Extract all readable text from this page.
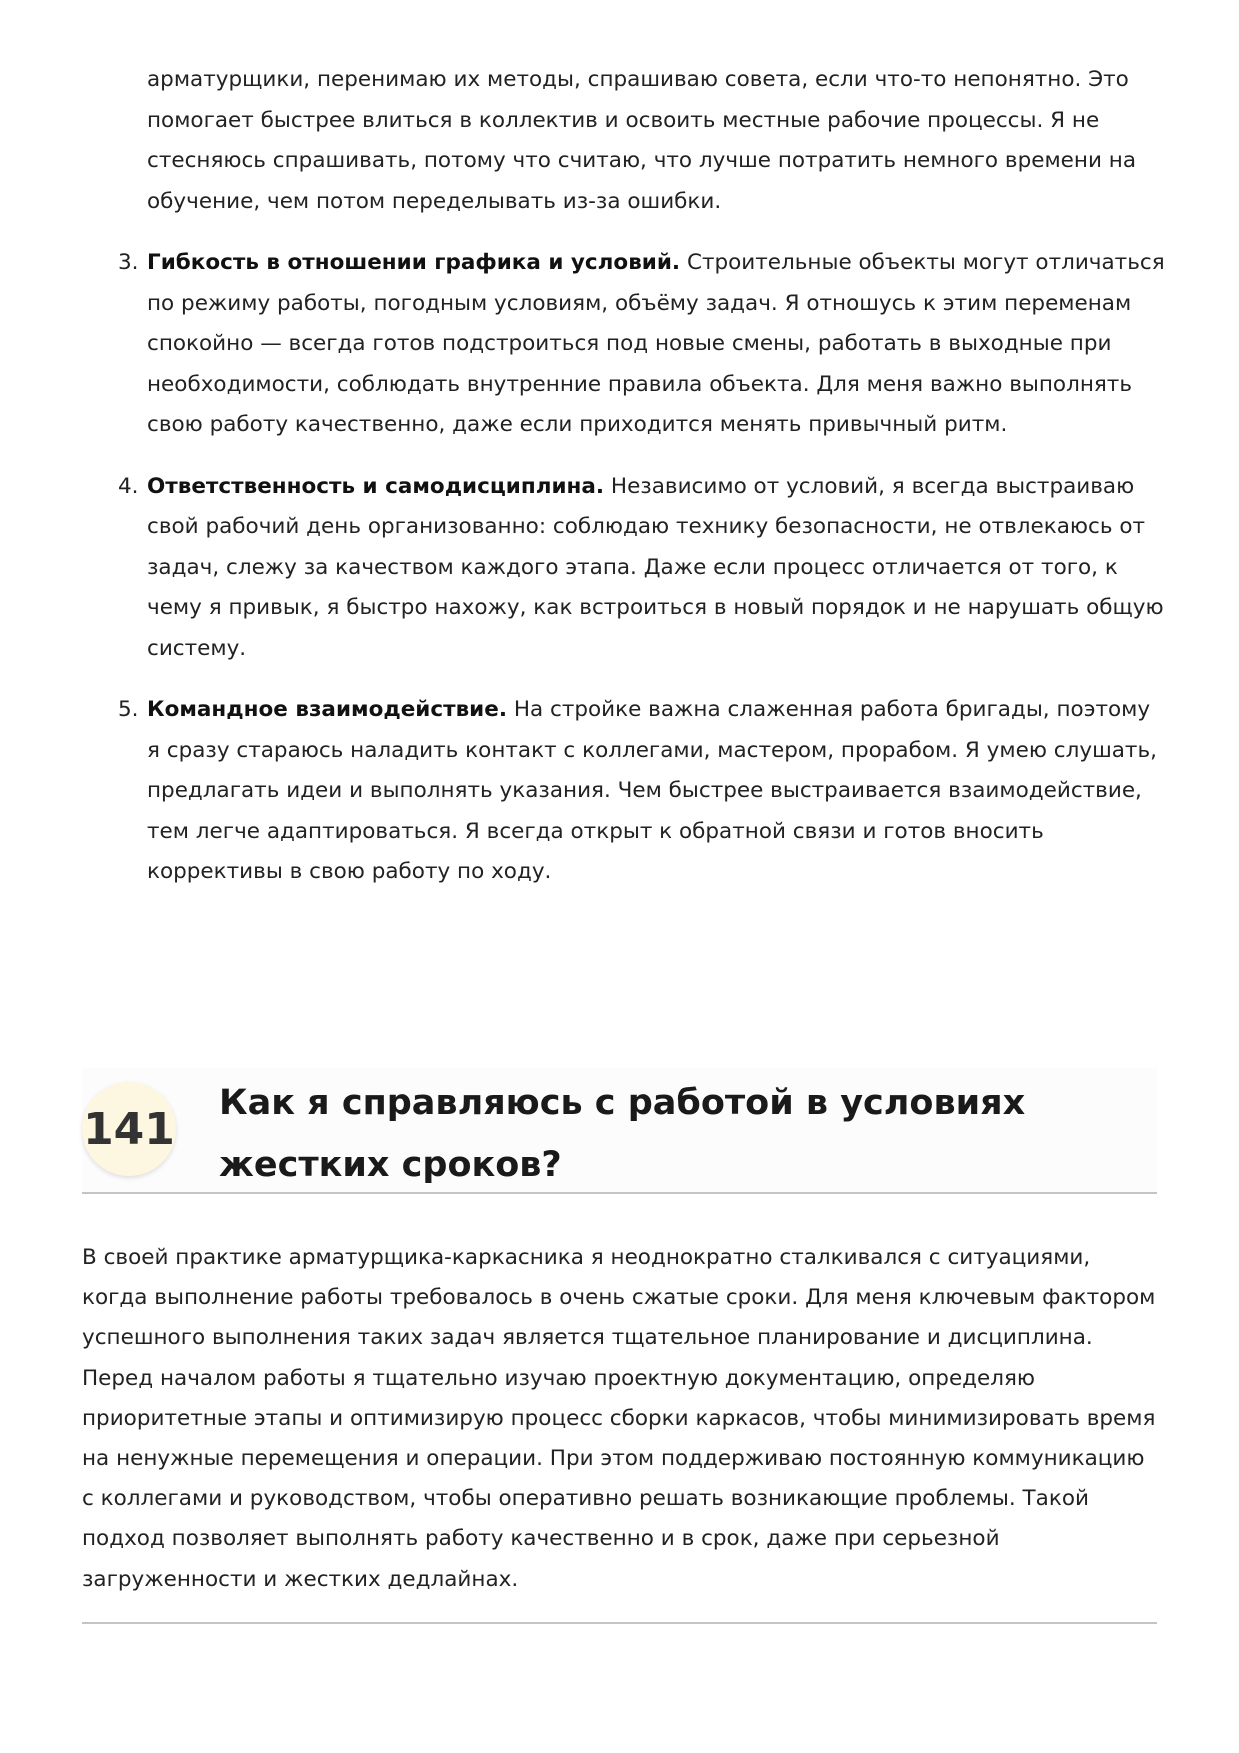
арматурщики, перенимаю их методы, спрашиваю совета, если что-то непонятно. Это помогает быстрее влиться в коллектив и освоить местные рабочие процессы. Я не стесняюсь спрашивать, потому что считаю, что лучше потратить немного времени на обучение, чем потом переделывать из-за ошибки.
3. Гибкость в отношении графика и условий. Строительные объекты могут отличаться по режиму работы, погодным условиям, объёму задач. Я отношусь к этим переменам спокойно — всегда готов подстроиться под новые смены, работать в выходные при необходимости, соблюдать внутренние правила объекта. Для меня важно выполнять свою работу качественно, даже если приходится менять привычный ритм.
4. Ответственность и самодисциплина. Независимо от условий, я всегда выстраиваю свой рабочий день организованно: соблюдаю технику безопасности, не отвлекаюсь от задач, слежу за качеством каждого этапа. Даже если процесс отличается от того, к чему я привык, я быстро нахожу, как встроиться в новый порядок и не нарушать общую систему.
5. Командное взаимодействие. На стройке важна слаженная работа бригады, поэтому я сразу стараюсь наладить контакт с коллегами, мастером, прорабом. Я умею слушать, предлагать идеи и выполнять указания. Чем быстрее выстраивается взаимодействие, тем легче адаптироваться. Я всегда открыт к обратной связи и готов вносить коррективы в свою работу по ходу.
141
Как я справляюсь с работой в условиях жестких сроков?

В своей практике арматурщика-каркасника я неоднократно сталкивался с ситуациями, когда выполнение работы требовалось в очень сжатые сроки. Для меня ключевым фактором успешного выполнения таких задач является тщательное планирование и дисциплина. Перед началом работы я тщательно изучаю проектную документацию, определяю приоритетные этапы и оптимизирую процесс сборки каркасов, чтобы минимизировать время на ненужные перемещения и операции. При этом поддерживаю постоянную коммуникацию с коллегами и руководством, чтобы оперативно решать возникающие проблемы. Такой подход позволяет выполнять работу качественно и в срок, даже при серьезной загруженности и жестких дедлайнах.
